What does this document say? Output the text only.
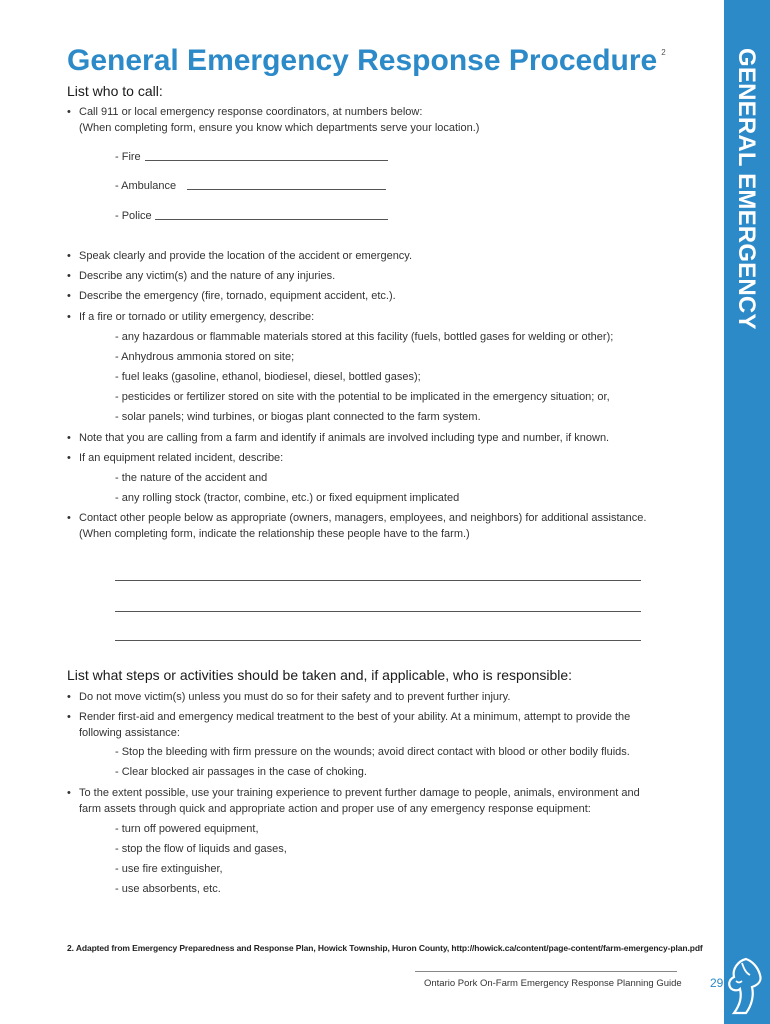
GENERAL EMERGENCY
General Emergency Response Procedure $^2$
List who to call:
• Call 911 or local emergency response coordinators, at numbers below:
(When completing form, ensure you know which departments serve your location.)
- Fire
- Ambulance
- Police
• Speak clearly and provide the location of the accident or emergency.
• Describe any victim(s) and the nature of any injuries.
• Describe the emergency (fire, tornado, equipment accident, etc.).
• If a fire or tornado or utility emergency, describe:
- any hazardous or flammable materials stored at this facility (fuels, bottled gases for welding or other);
- Anhydrous ammonia stored on site;
- fuel leaks (gasoline, ethanol, biodiesel, diesel, bottled gases);
- pesticides or fertilizer stored on site with the potential to be implicated in the emergency situation; or,
- solar panels; wind turbines, or biogas plant connected to the farm system.
• Note that you are calling from a farm and identify if animals are involved including type and number, if known.
• If an equipment related incident, describe:
- the nature of the accident and
- any rolling stock (tractor, combine, etc.) or fixed equipment implicated
• Contact other people below as appropriate (owners, managers, employees, and neighbors) for additional assistance.
(When completing form, indicate the relationship these people have to the farm.)
List what steps or activities should be taken and, if applicable, who is responsible:
• Do not move victim(s) unless you must do so for their safety and to prevent further injury.
• Render first-aid and emergency medical treatment to the best of your ability. At a minimum, attempt to provide the
following assistance:
- Stop the bleeding with firm pressure on the wounds; avoid direct contact with blood or other bodily fluids.
- Clear blocked air passages in the case of choking.
• To the extent possible, use your training experience to prevent further damage to people, animals, environment and
farm assets through quick and appropriate action and proper use of any emergency response equipment:
- turn off powered equipment,
- stop the flow of liquids and gases,
- use fire extinguisher,
- use absorbents, etc.
2. Adapted from Emergency Preparedness and Response Plan, Howick Township, Huron County, http://howick.ca/content/page-content/farm-emergency-plan.pdf
Ontario Pork On-Farm Emergency Response Planning Guide 29
